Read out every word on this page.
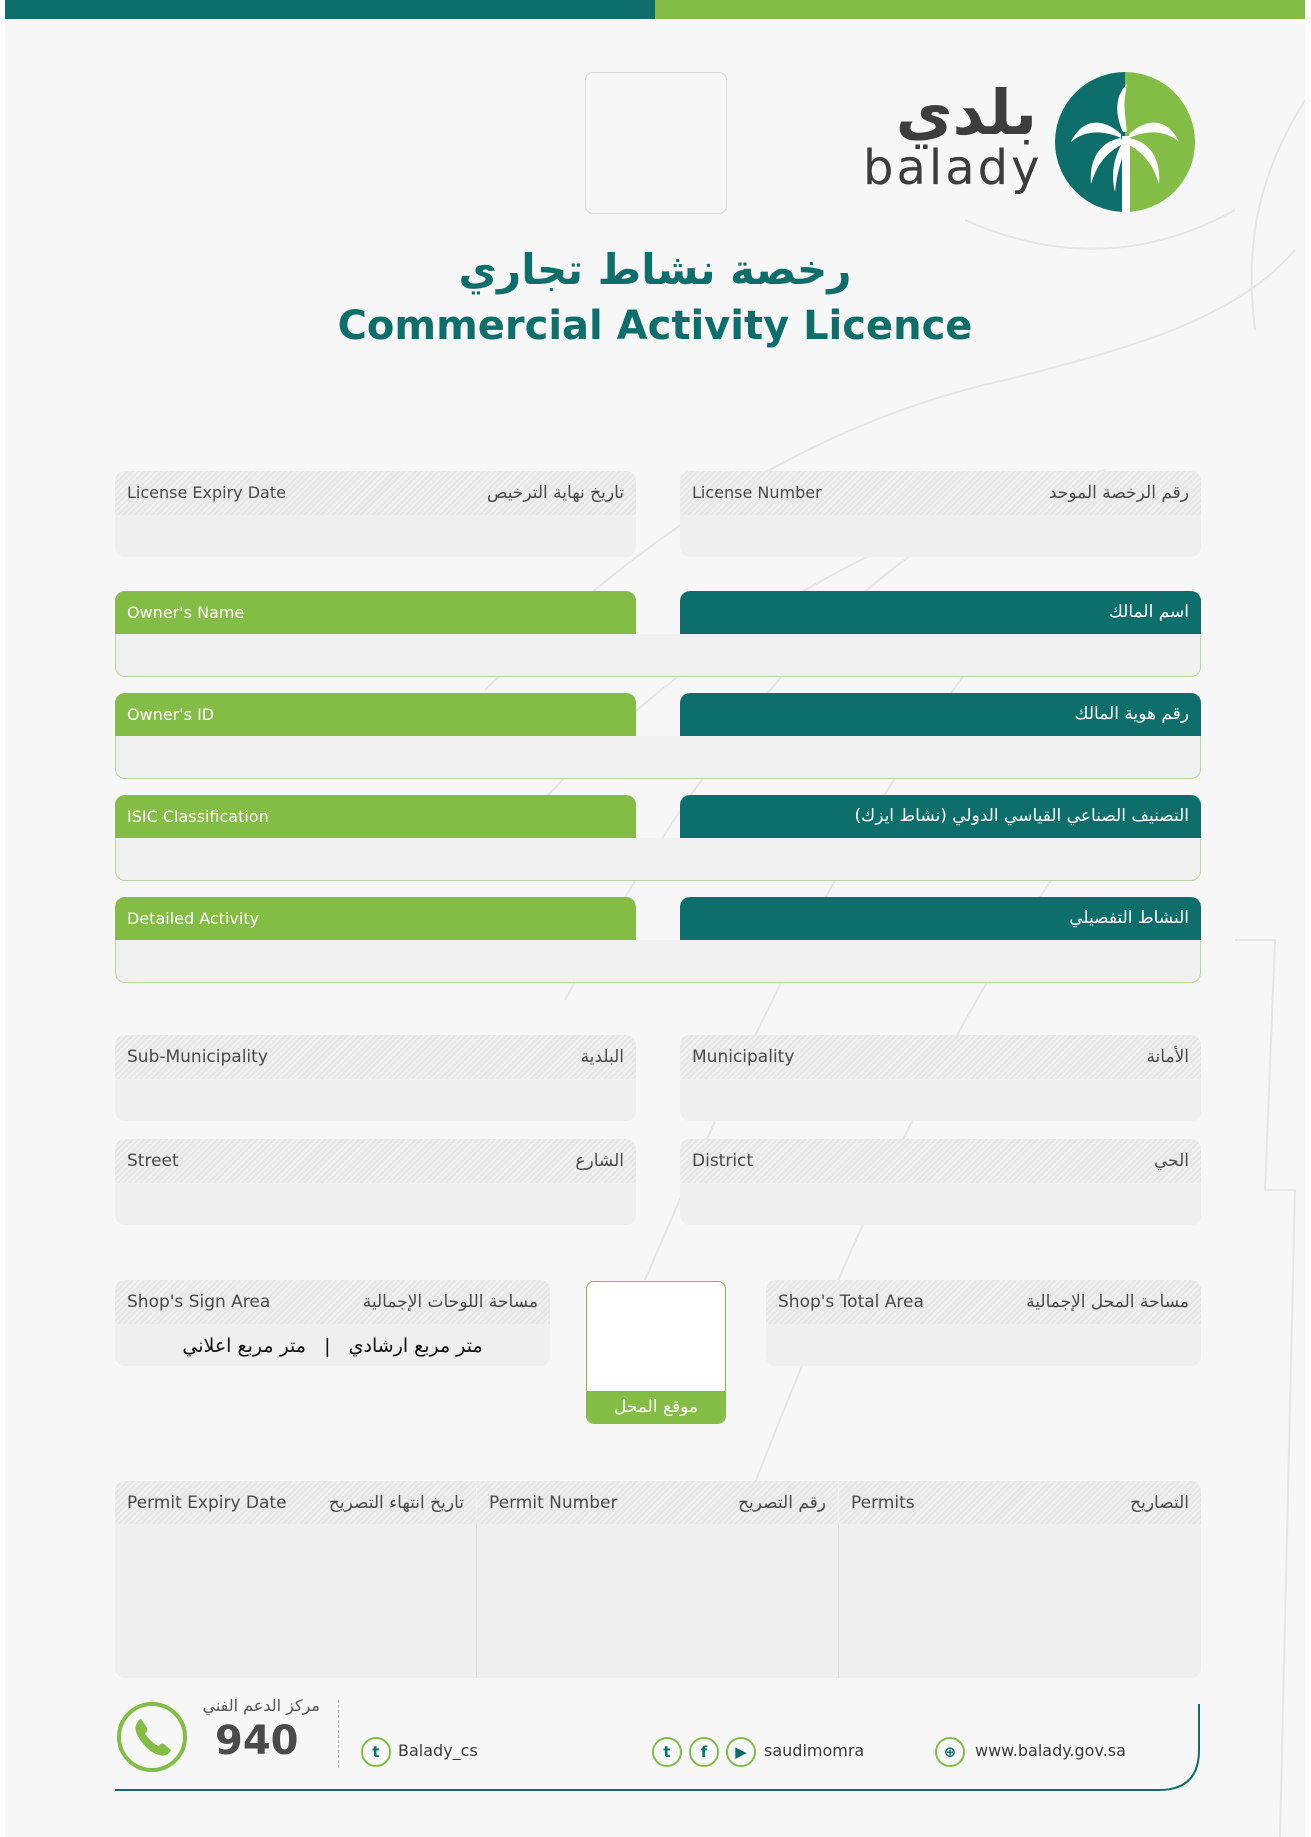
بلدي
balady
رخصة نشاط تجاري
Commercial Activity Licence
License Expiry Date	تاريخ نهاية الترخيص	License Number	رقم الرخصة الموحد
Owner's Name	اسم المالك
Owner's ID	رقم هوية المالك
ISIC Classification	التصنيف الصناعي القياسي الدولي (نشاط ايزك)
Detailed Activity	النشاط التفصيلي
Sub-Municipality	البلدية	Municipality	الأمانة
Street	الشارع	District	الحي
Shop's Sign Area	مساحة اللوحات الإجمالية
متر مربع ارشادي   |   متر مربع اعلاني
موقع المحل
Shop's Total Area	مساحة المحل الإجمالية
Permit Expiry Date تاريخ انتهاء التصريح Permit Number	رقم التصريح Permits	التصاريح
مركز الدعم الفني
940	t	Balady_cs	t	f	▶	saudimomra	⊕	www.balady.gov.sa
